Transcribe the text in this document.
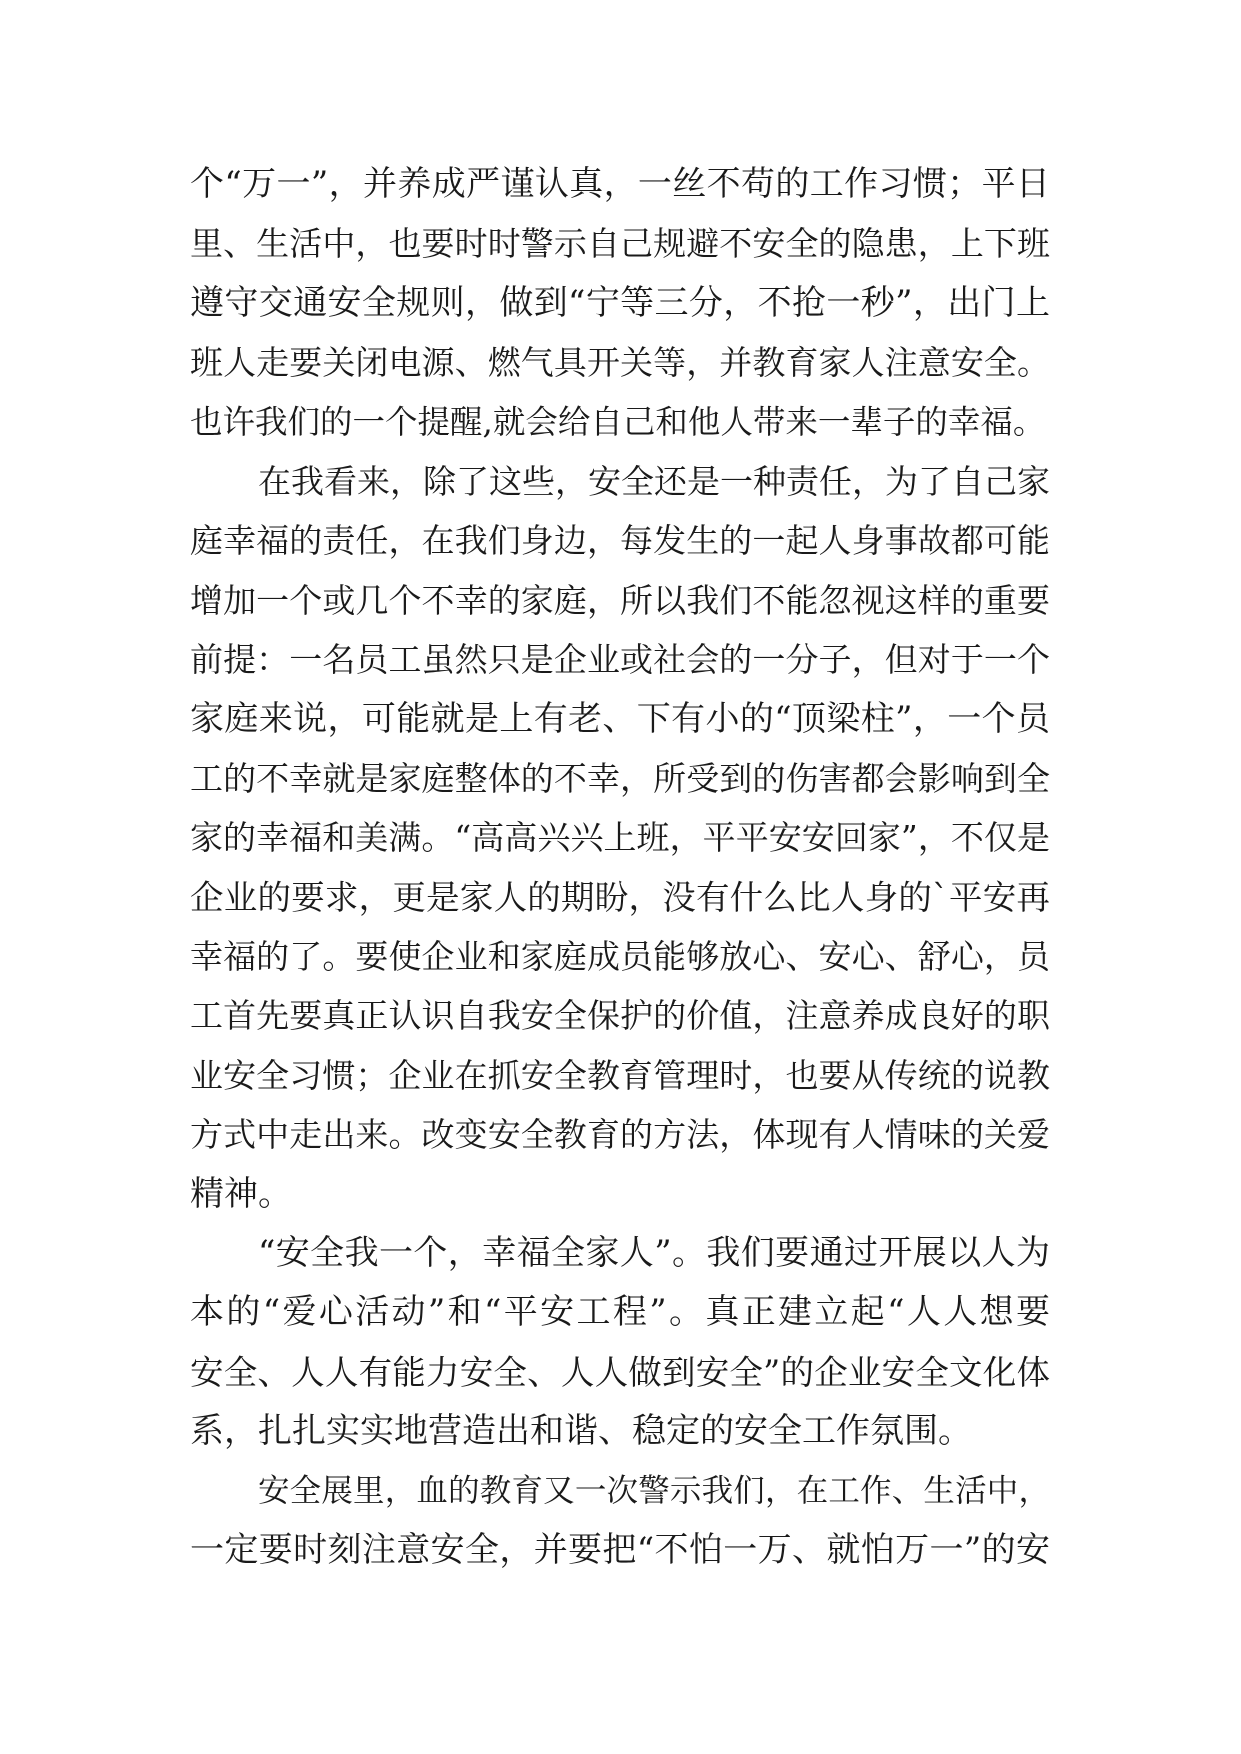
个“万一”，并养成严谨认真，一丝不苟的工作习惯；平日
里、生活中，也要时时警示自己规避不安全的隐患，上下班
遵守交通安全规则，做到“宁等三分，不抢一秒”，出门上
班人走要关闭电源、燃气具开关等，并教育家人注意安全。
也许我们的一个提醒,就会给自己和他人带来一辈子的幸福。
在我看来，除了这些，安全还是一种责任，为了自己家
庭幸福的责任，在我们身边，每发生的一起人身事故都可能
增加一个或几个不幸的家庭，所以我们不能忽视这样的重要
前提：一名员工虽然只是企业或社会的一分子，但对于一个
家庭来说，可能就是上有老、下有小的“顶梁柱”，一个员
工的不幸就是家庭整体的不幸，所受到的伤害都会影响到全
家的幸福和美满。“高高兴兴上班，平平安安回家”，不仅是
企业的要求，更是家人的期盼，没有什么比人身的`平安再
幸福的了。要使企业和家庭成员能够放心、安心、舒心，员
工首先要真正认识自我安全保护的价值，注意养成良好的职
业安全习惯；企业在抓安全教育管理时，也要从传统的说教
方式中走出来。改变安全教育的方法，体现有人情味的关爱
精神。
“安全我一个，幸福全家人”。我们要通过开展以人为
本的“爱心活动”和“平安工程”。真正建立起“人人想要
安全、人人有能力安全、人人做到安全”的企业安全文化体
系，扎扎实实地营造出和谐、稳定的安全工作氛围。
安全展里，血的教育又一次警示我们，在工作、生活中，
一定要时刻注意安全，并要把“不怕一万、就怕万一”的安
